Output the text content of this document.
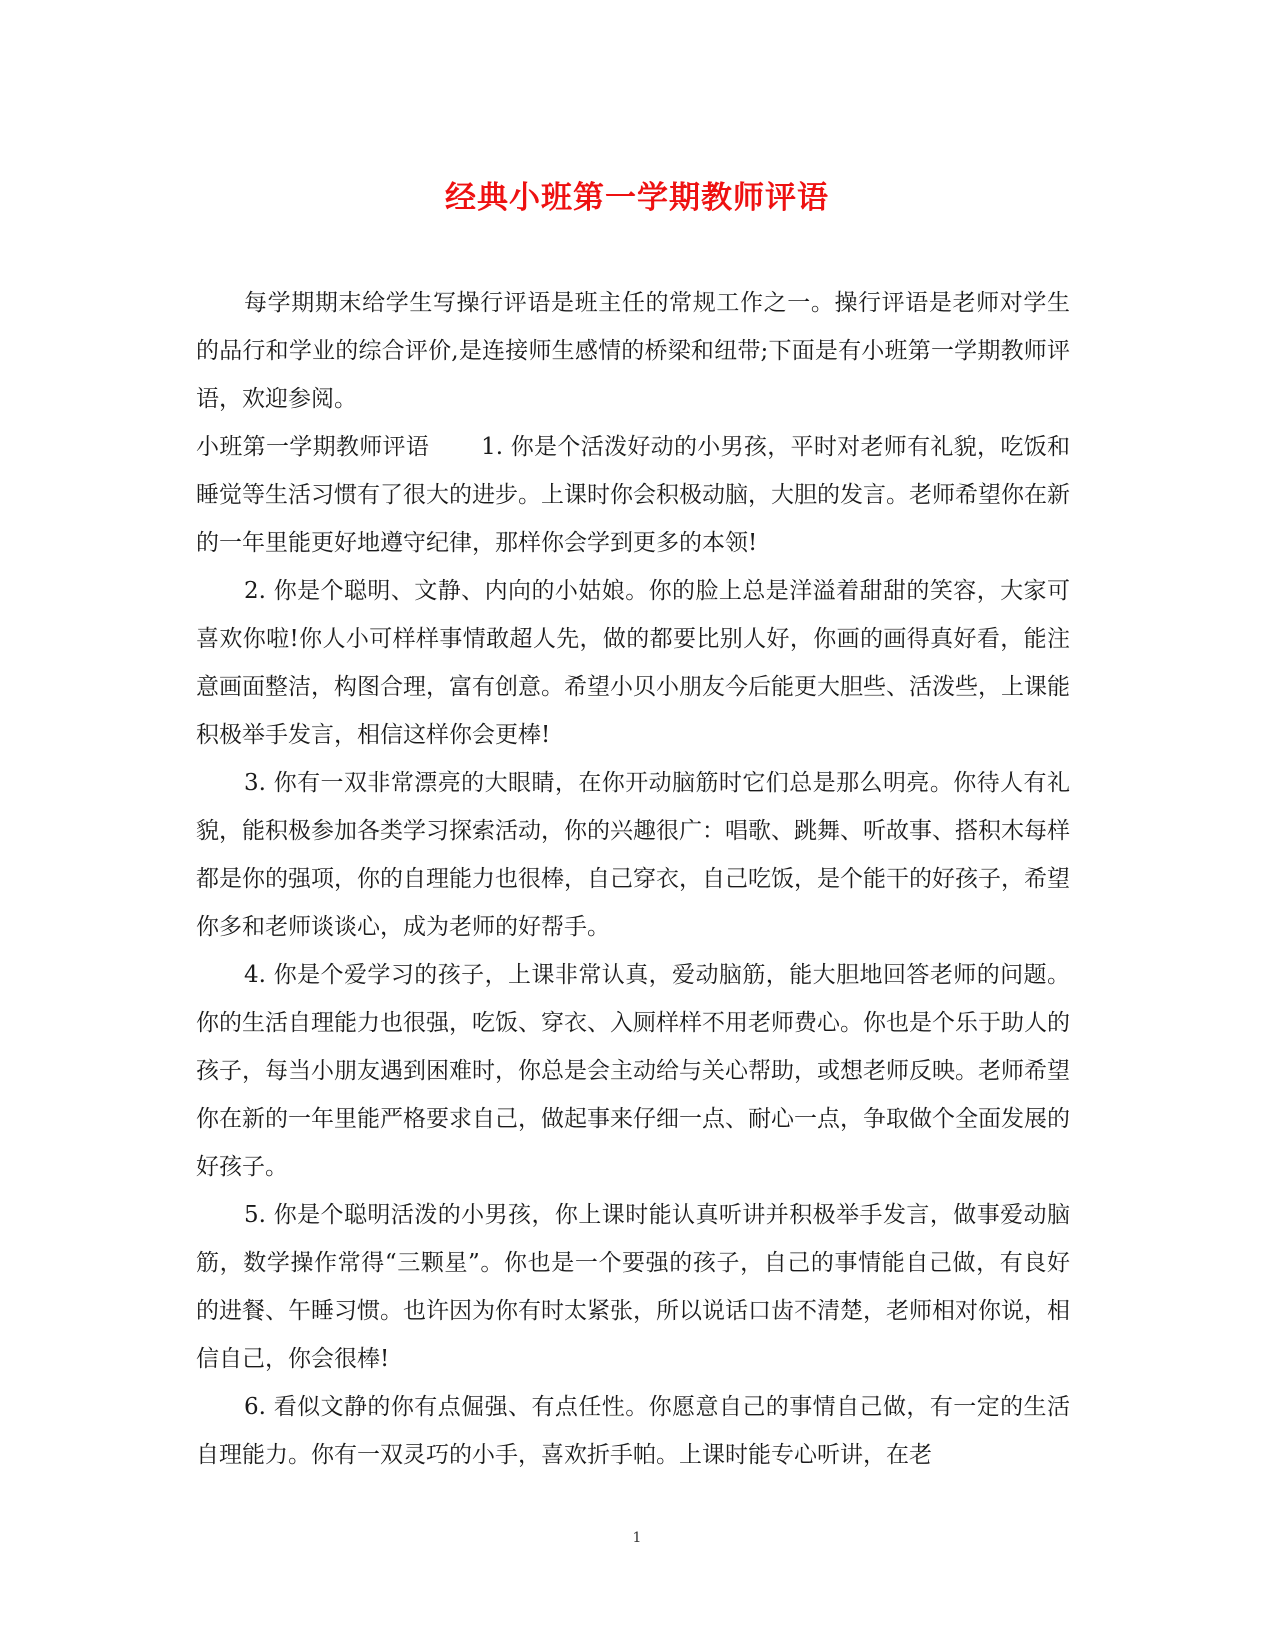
经典小班第一学期教师评语

每学期期末给学生写操行评语是班主任的常规工作之一。操行评语是老师对学生的品行和学业的综合评价,是连接师生感情的桥梁和纽带;下面是有小班第一学期教师评语，欢迎参阅。

小班第一学期教师评语 1. 你是个活泼好动的小男孩，平时对老师有礼貌，吃饭和睡觉等生活习惯有了很大的进步。上课时你会积极动脑，大胆的发言。老师希望你在新的一年里能更好地遵守纪律，那样你会学到更多的本领!

2. 你是个聪明、文静、内向的小姑娘。你的脸上总是洋溢着甜甜的笑容，大家可喜欢你啦!你人小可样样事情敢超人先，做的都要比别人好，你画的画得真好看，能注意画面整洁，构图合理，富有创意。希望小贝小朋友今后能更大胆些、活泼些，上课能积极举手发言，相信这样你会更棒!

3. 你有一双非常漂亮的大眼睛，在你开动脑筋时它们总是那么明亮。你待人有礼貌，能积极参加各类学习探索活动，你的兴趣很广：唱歌、跳舞、听故事、搭积木每样都是你的强项，你的自理能力也很棒，自己穿衣，自己吃饭，是个能干的好孩子，希望你多和老师谈谈心，成为老师的好帮手。

4. 你是个爱学习的孩子，上课非常认真，爱动脑筋，能大胆地回答老师的问题。你的生活自理能力也很强，吃饭、穿衣、入厕样样不用老师费心。你也是个乐于助人的孩子，每当小朋友遇到困难时，你总是会主动给与关心帮助，或想老师反映。老师希望你在新的一年里能严格要求自己，做起事来仔细一点、耐心一点，争取做个全面发展的好孩子。

5. 你是个聪明活泼的小男孩，你上课时能认真听讲并积极举手发言，做事爱动脑筋，数学操作常得“三颗星”。你也是一个要强的孩子，自己的事情能自己做，有良好的进餐、午睡习惯。也许因为你有时太紧张，所以说话口齿不清楚，老师相对你说，相信自己，你会很棒!

6. 看似文静的你有点倔强、有点任性。你愿意自己的事情自己做，有一定的生活自理能力。你有一双灵巧的小手，喜欢折手帕。上课时能专心听讲，在老

1
